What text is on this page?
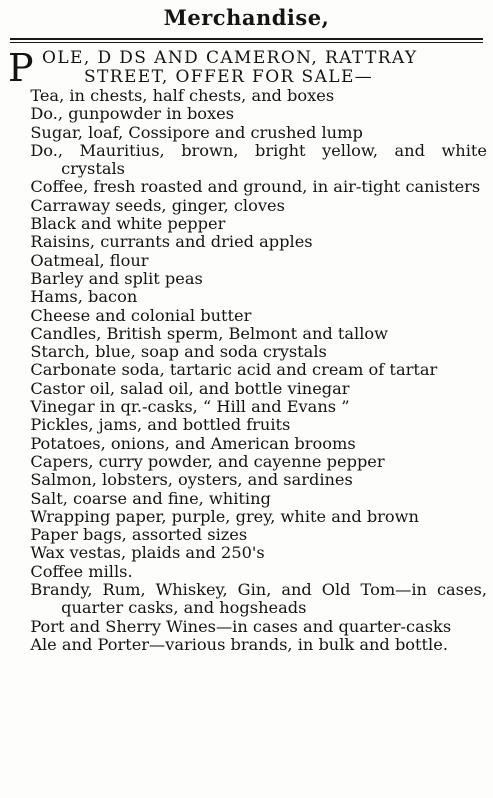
Merchandise,
P OLE, D DS AND CAMERON, RATTRAY
STREET, OFFER FOR SALE—
Tea, in chests, half chests, and boxes
Do., gunpowder in boxes
Sugar, loaf, Cossipore and crushed lump
Do., Mauritius, brown, bright yellow, and white crystals
Coffee, fresh roasted and ground, in air-tight canisters
Carraway seeds, ginger, cloves
Black and white pepper
Raisins, currants and dried apples
Oatmeal, flour
Barley and split peas
Hams, bacon
Cheese and colonial butter
Candles, British sperm, Belmont and tallow
Starch, blue, soap and soda crystals
Carbonate soda, tartaric acid and cream of tartar
Castor oil, salad oil, and bottle vinegar
Vinegar in qr.-casks, “ Hill and Evans ”
Pickles, jams, and bottled fruits
Potatoes, onions, and American brooms
Capers, curry powder, and cayenne pepper
Salmon, lobsters, oysters, and sardines
Salt, coarse and fine, whiting
Wrapping paper, purple, grey, white and brown
Paper bags, assorted sizes
Wax vestas, plaids and 250's
Coffee mills.
Brandy, Rum, Whiskey, Gin, and Old Tom—in cases, quarter casks, and hogsheads
Port and Sherry Wines—in cases and quarter-casks
Ale and Porter—various brands, in bulk and bottle.
